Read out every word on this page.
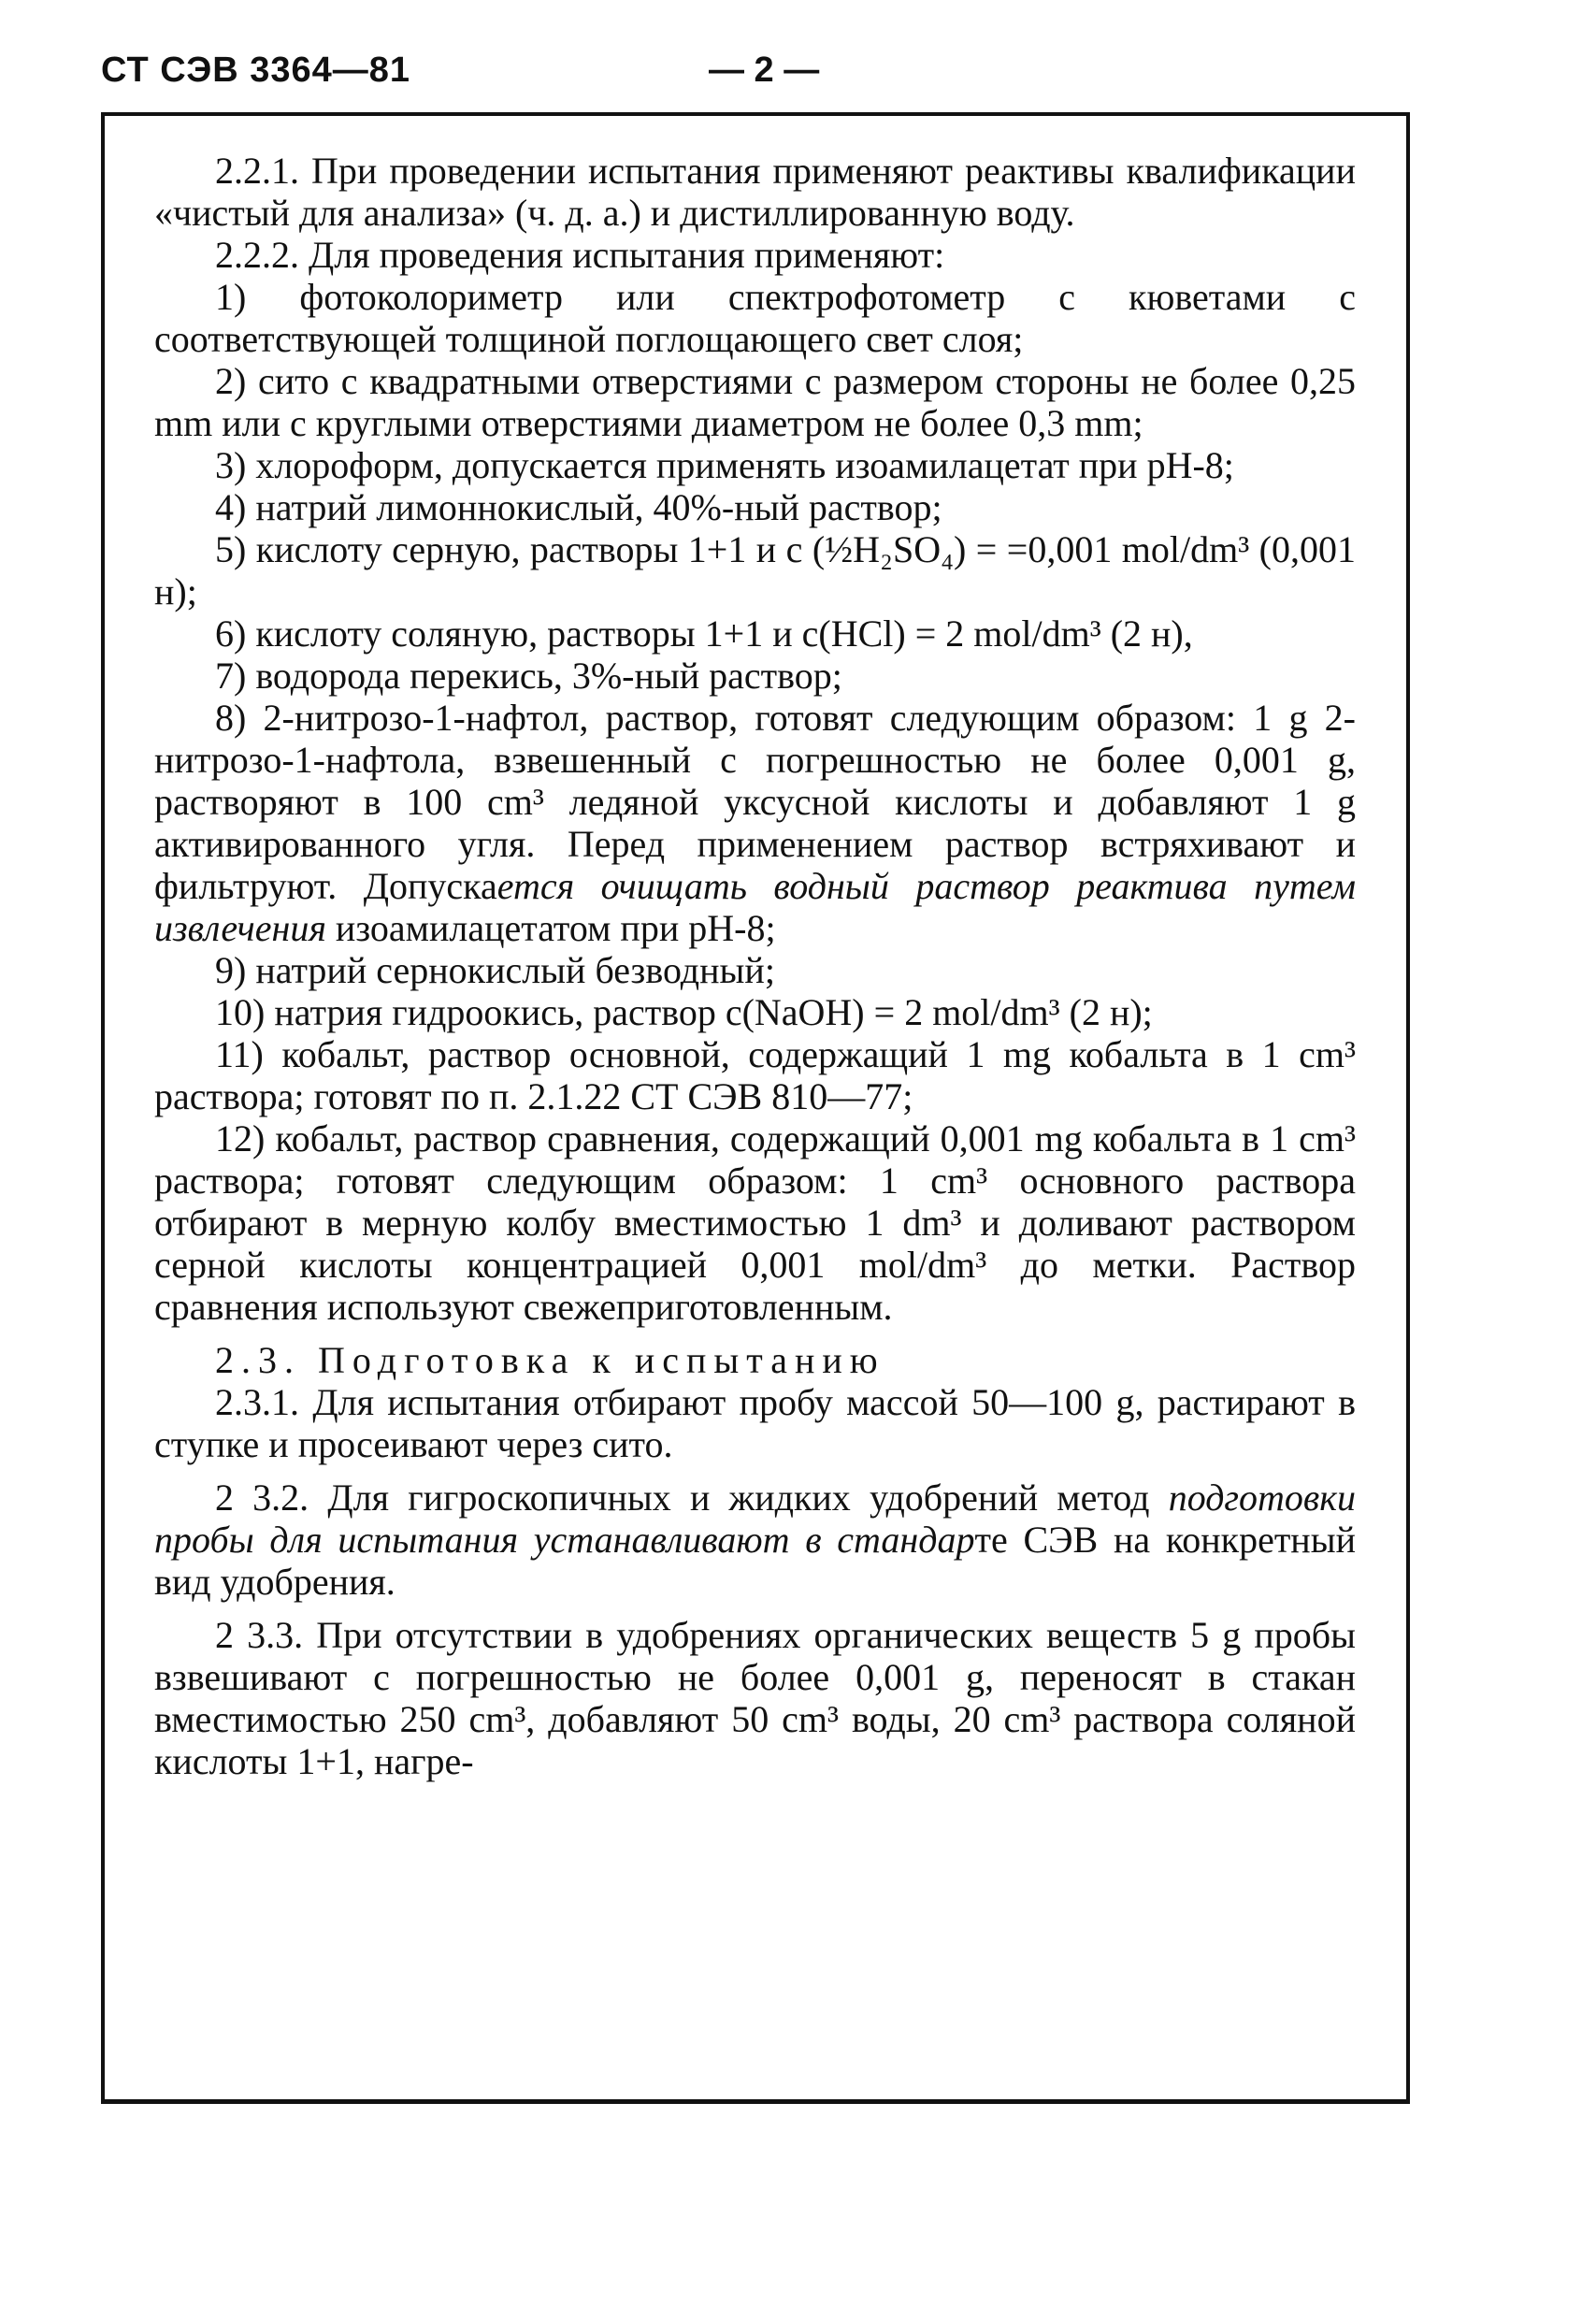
СТ СЭВ 3364—81	— 2 —

2.2.1. При проведении испытания применяют реактивы квалификации «чистый для анализа» (ч. д. а.) и дистиллированную воду.

2.2.2. Для проведения испытания применяют:

1) фотоколориметр или спектрофотометр с кюветами с соответствующей толщиной поглощающего свет слоя;

2) сито с квадратными отверстиями с размером стороны не более 0,25 mm или с круглыми отверстиями диаметром не более 0,3 mm;

3) хлороформ, допускается применять изоамилацетат при pH-8;

4) натрий лимоннокислый, 40%-ный раствор;

5) кислоту серную, растворы 1+1 и c (½H₂SO₄) = =0,001 mol/dm³ (0,001 н);

6) кислоту соляную, растворы 1+1 и c(HCl) = 2 mol/dm³ (2 н),

7) водорода перекись, 3%-ный раствор;

8) 2-нитрозо-1-нафтол, раствор, готовят следующим образом: 1 g 2-нитрозо-1-нафтола, взвешенный с погрешностью не более 0,001 g, растворяют в 100 cm³ ледяной уксусной кислоты и добавляют 1 g активированного угля. Перед применением раствор встряхивают и фильтруют. Допускается очищать водный раствор реактива путем извлечения изоамилацетатом при pH-8;

9) натрий сернокислый безводный;

10) натрия гидроокись, раствор c(NaOH) = 2 mol/dm³ (2 н);

11) кобальт, раствор основной, содержащий 1 mg кобальта в 1 cm³ раствора; готовят по п. 2.1.22 СТ СЭВ 810—77;

12) кобальт, раствор сравнения, содержащий 0,001 mg кобальта в 1 cm³ раствора; готовят следующим образом: 1 cm³ основного раствора отбирают в мерную колбу вместимостью 1 dm³ и доливают раствором серной кислоты концентрацией 0,001 mol/dm³ до метки. Раствор сравнения используют свежеприготовленным.

2.3. Подготовка к испытанию

2.3.1. Для испытания отбирают пробу массой 50—100 g, растирают в ступке и просеивают через сито.

2 3.2. Для гигроскопичных и жидких удобрений метод подготовки пробы для испытания устанавливают в стандарте СЭВ на конкретный вид удобрения.

2 3.3. При отсутствии в удобрениях органических веществ 5 g пробы взвешивают с погрешностью не более 0,001 g, переносят в стакан вместимостью 250 cm³, добавляют 50 cm³ воды, 20 cm³ раствора соляной кислоты 1+1, нагре-
